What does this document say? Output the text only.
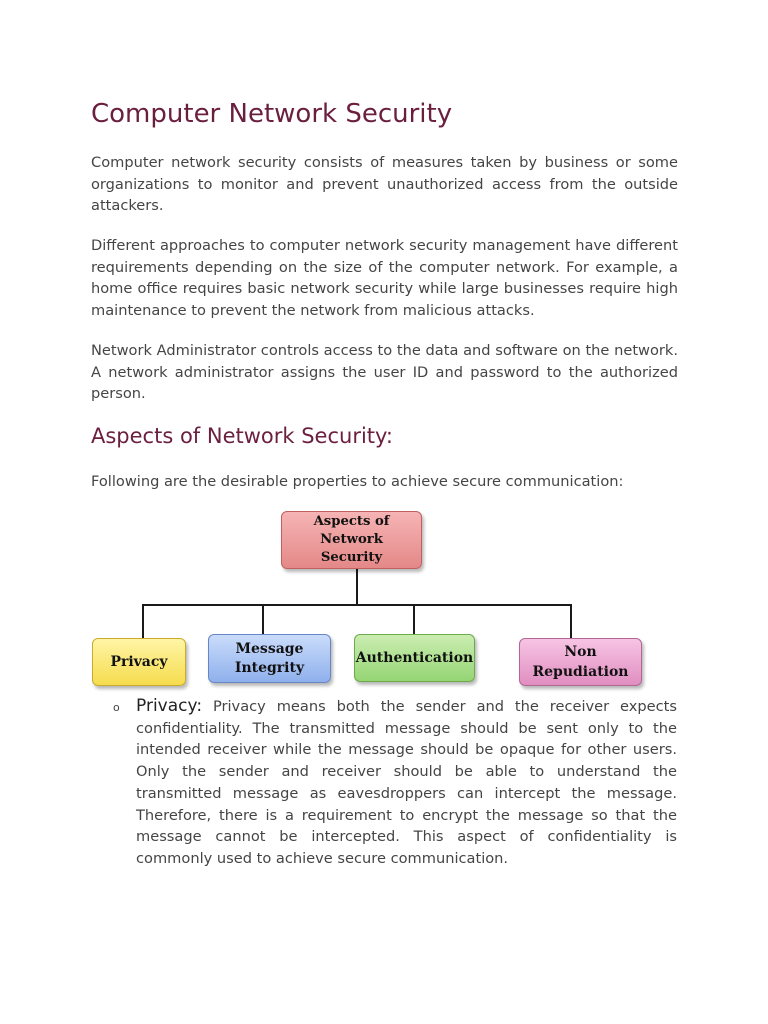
Computer Network Security

Computer network security consists of measures taken by business or some organizations to monitor and prevent unauthorized access from the outside attackers.

Different approaches to computer network security management have different requirements depending on the size of the computer network. For example, a home office requires basic network security while large businesses require high maintenance to prevent the network from malicious attacks.

Network Administrator controls access to the data and software on the network. A network administrator assigns the user ID and password to the authorized person.

Aspects of Network Security:

Following are the desirable properties to achieve secure communication:

Aspects of Network
Security
Privacy
Message
Integrity
Authentication	Non
Repudiation
o Privacy: Privacy means both the sender and the receiver expects confidentiality. The transmitted message should be sent only to the intended receiver while the message should be opaque for other users. Only the sender and receiver should be able to understand the transmitted message as eavesdroppers can intercept the message. Therefore, there is a requirement to encrypt the message so that the message cannot be intercepted. This aspect of confidentiality is commonly used to achieve secure communication.
